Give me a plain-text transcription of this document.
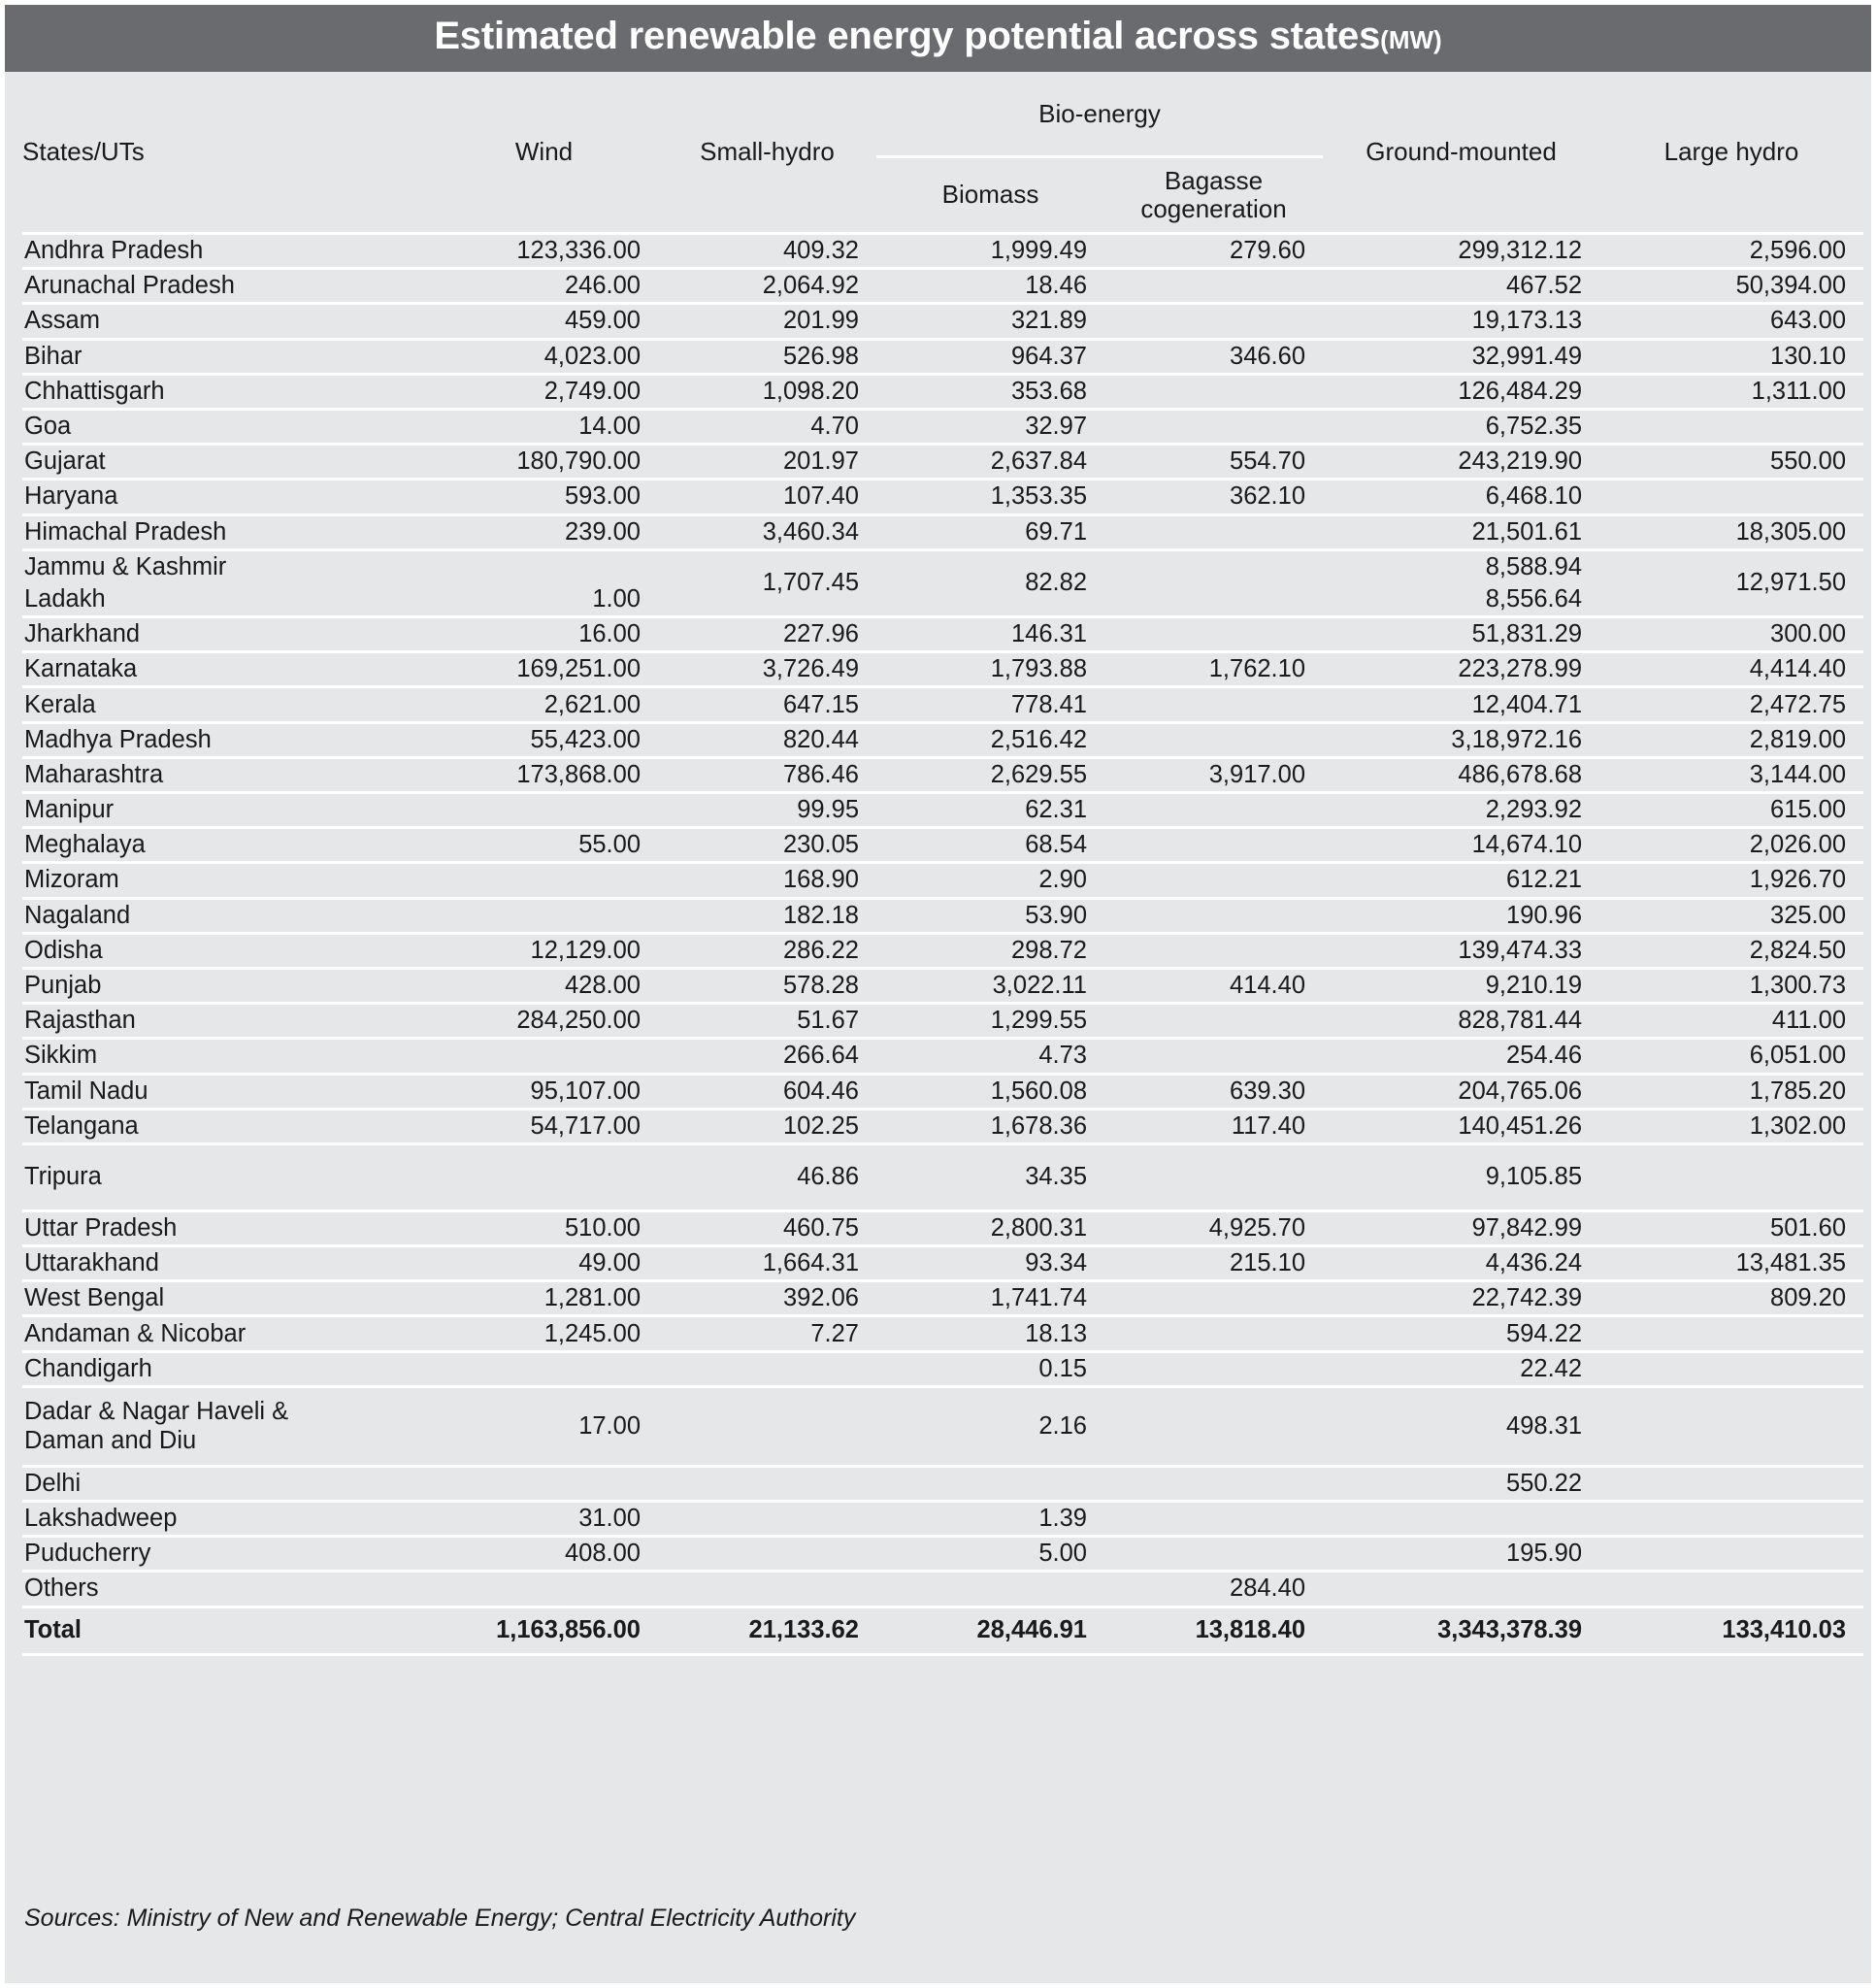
Estimated renewable energy potential across states(MW)
States/UTs	Wind	Small-hydro	Bio-energy		Ground-mounted	Large hydro
			Biomass	Bagasse cogeneration		

Andhra Pradesh	123,336.00	409.32	1,999.49	279.60	299,312.12	2,596.00
Arunachal Pradesh	246.00	2,064.92	18.46		467.52	50,394.00
Assam	459.00	201.99	321.89		19,173.13	643.00
Bihar	4,023.00	526.98	964.37	346.60	32,991.49	130.10
Chhattisgarh	2,749.00	1,098.20	353.68		126,484.29	1,311.00
Goa	14.00	4.70	32.97		6,752.35	
Gujarat	180,790.00	201.97	2,637.84	554.70	243,219.90	550.00
Haryana	593.00	107.40	1,353.35	362.10	6,468.10	
Himachal Pradesh	239.00	3,460.34	69.71		21,501.61	18,305.00
Jammu & Kashmir		1,707.45	82.82		8,588.94	12,971.50
Ladakh	1.00				8,556.64	
Jharkhand	16.00	227.96	146.31		51,831.29	300.00
Karnataka	169,251.00	3,726.49	1,793.88	1,762.10	223,278.99	4,414.40
Kerala	2,621.00	647.15	778.41		12,404.71	2,472.75
Madhya Pradesh	55,423.00	820.44	2,516.42		3,18,972.16	2,819.00
Maharashtra	173,868.00	786.46	2,629.55	3,917.00	486,678.68	3,144.00
Manipur		99.95	62.31		2,293.92	615.00
Meghalaya	55.00	230.05	68.54		14,674.10	2,026.00
Mizoram		168.90	2.90		612.21	1,926.70
Nagaland		182.18	53.90		190.96	325.00
Odisha	12,129.00	286.22	298.72		139,474.33	2,824.50
Punjab	428.00	578.28	3,022.11	414.40	9,210.19	1,300.73
Rajasthan	284,250.00	51.67	1,299.55		828,781.44	411.00
Sikkim		266.64	4.73		254.46	6,051.00
Tamil Nadu	95,107.00	604.46	1,560.08	639.30	204,765.06	1,785.20
Telangana	54,717.00	102.25	1,678.36	117.40	140,451.26	1,302.00
Tripura		46.86	34.35		9,105.85	
Uttar Pradesh	510.00	460.75	2,800.31	4,925.70	97,842.99	501.60
Uttarakhand	49.00	1,664.31	93.34	215.10	4,436.24	13,481.35
West Bengal	1,281.00	392.06	1,741.74		22,742.39	809.20
Andaman & Nicobar	1,245.00	7.27	18.13		594.22	
Chandigarh			0.15		22.42	
Dadar & Nagar Haveli &
Daman and Diu	17.00		2.16		498.31	
Delhi					550.22	
Lakshadweep	31.00		1.39			
Puducherry	408.00		5.00		195.90	
Others				284.40		
Total	1,163,856.00	21,133.62	28,446.91	13,818.40	3,343,378.39	133,410.03
Sources: Ministry of New and Renewable Energy; Central Electricity Authority
